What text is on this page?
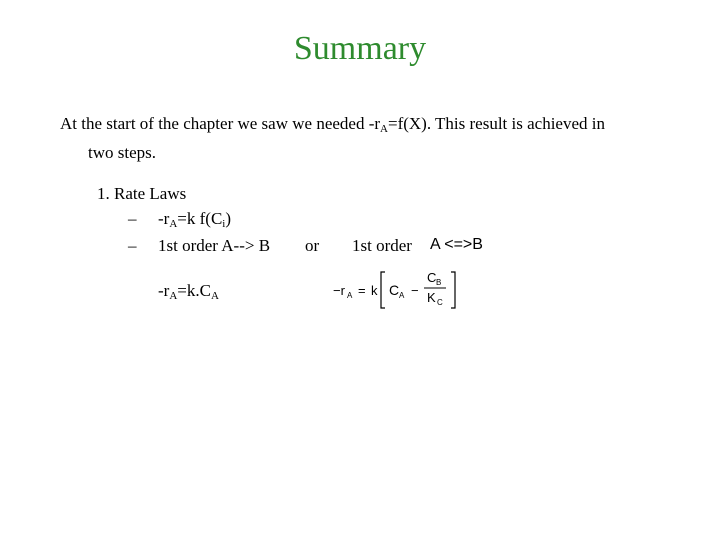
Summary
At the start of the chapter we saw we needed $-r_A=f(X)$. This result is achieved in
two steps.
1. Rate Laws
– $-r_A=k$ $f(C_i)$
– 1st order A--> B or 1st order A <=>B
$-r_A=k.C_A$	−r A = k C A −
C B
K C
